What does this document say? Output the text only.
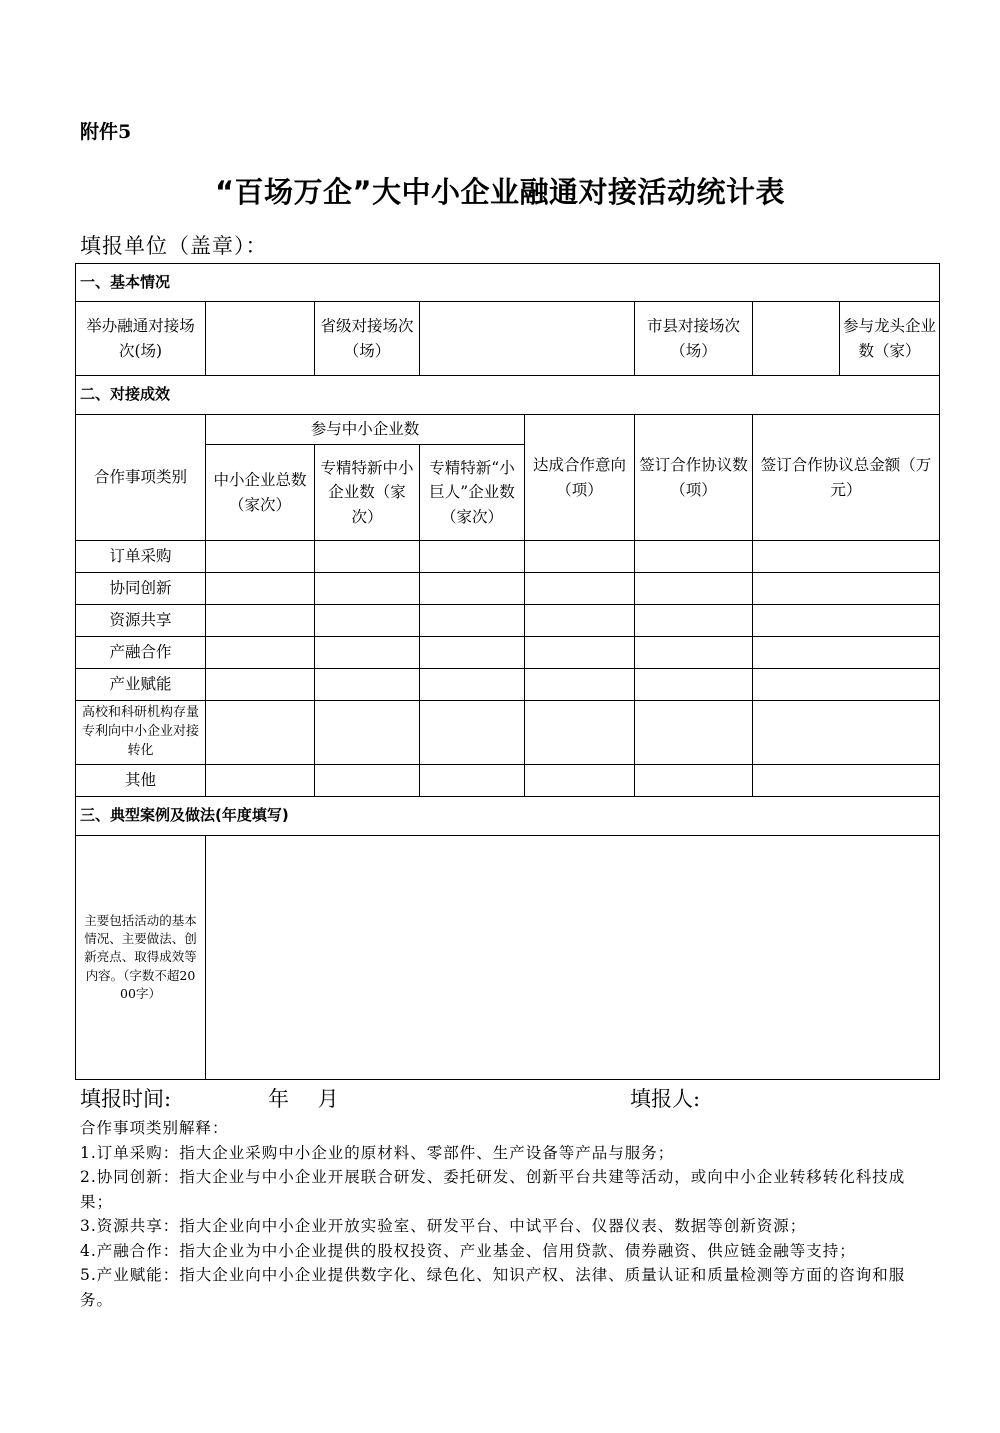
附件5
“百场万企”大中小企业融通对接活动统计表
填报单位（盖章）：
一、基本情况							
举办融通对接场次(场)		省级对接场次（场）			市县对接场次（场）		参与龙头企业数（家）
二、对接成效							
合作事项类别	参与中小企业数			达成合作意向（项）	签订合作协议数（项）	签订合作协议总金额（万元）	
	中小企业总数（家次）	专精特新中小企业数（家次）	专精特新“小巨人”企业数（家次）				
订单采购							
协同创新							
资源共享							
产融合作							
产业赋能							
高校和科研机构存量专利向中小企业对接转化							
其他							
三、典型案例及做法(年度填写)							
主要包括活动的基本情况、主要做法、创新亮点、取得成效等内容。（字数不超2000字）							
填报时间:	年 月	填报人:

合作事项类别解释：

1.订单采购：指大企业采购中小企业的原材料、零部件、生产设备等产品与服务；

2.协同创新：指大企业与中小企业开展联合研发、委托研发、创新平台共建等活动，或向中小企业转移转化科技成果；

3.资源共享：指大企业向中小企业开放实验室、研发平台、中试平台、仪器仪表、数据等创新资源；

4.产融合作：指大企业为中小企业提供的股权投资、产业基金、信用贷款、债券融资、供应链金融等支持；

5.产业赋能：指大企业向中小企业提供数字化、绿色化、知识产权、法律、质量认证和质量检测等方面的咨询和服务。
